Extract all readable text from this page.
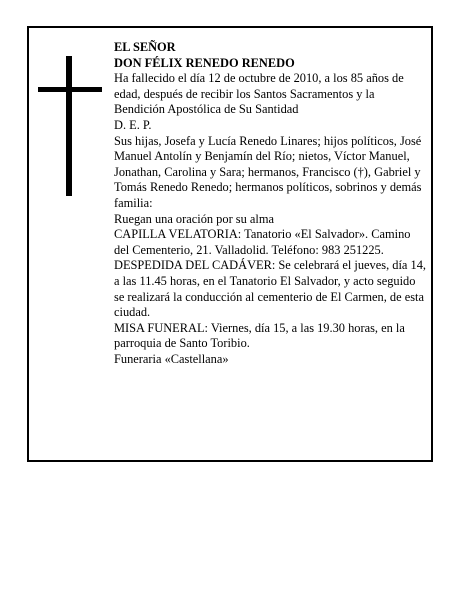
EL SEÑOR

DON FÉLIX RENEDO RENEDO

Ha fallecido el día 12 de octubre de 2010, a los 85 años de edad, después de recibir los Santos Sacramentos y la Bendición Apostólica de Su Santidad

D. E. P.

Sus hijas, Josefa y Lucía Renedo Linares; hijos políticos, José Manuel Antolín y Benjamín del Río; nietos, Víctor Manuel, Jonathan, Carolina y Sara; hermanos, Francisco (†), Gabriel y Tomás Renedo Renedo; hermanos políticos, sobrinos y demás familia:

Ruegan una oración por su alma

CAPILLA VELATORIA: Tanatorio «El Salvador». Camino del Cementerio, 21. Valladolid. Teléfono: 983 251225.

DESPEDIDA DEL CADÁVER: Se celebrará el jueves, día 14, a las 11.45 horas, en el Tanatorio El Salvador, y acto seguido se realizará la conducción al cementerio de El Carmen, de esta ciudad.

MISA FUNERAL: Viernes, día 15, a las 19.30 horas, en la parroquia de Santo Toribio.

Funeraria «Castellana»
